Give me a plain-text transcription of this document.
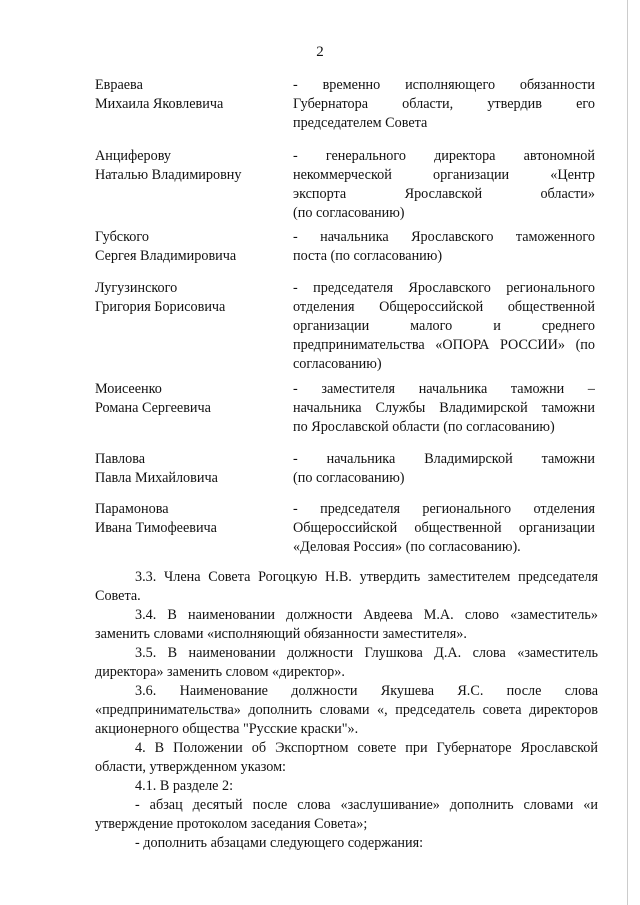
2
Евраева
Михаила Яковлевича
- временно исполняющего обязанности
Губернатора области, утвердив его
председателем Совета
Анциферову
Наталью Владимировну
- генерального директора автономной
некоммерческой организации «Центр
экспорта Ярославской области»
(по согласованию)
Губского
Сергея Владимировича
- начальника Ярославского таможенного
поста (по согласованию)
Лугузинского
Григория Борисовича
- председателя Ярославского регионального
отделения Общероссийской общественной
организации малого и среднего
предпринимательства «ОПОРА РОССИИ» (по
согласованию)
Моисеенко
Романа Сергеевича
- заместителя начальника таможни –
начальника Службы Владимирской таможни
по Ярославской области (по согласованию)
Павлова
Павла Михайловича
- начальника Владимирской таможни
(по согласованию)
Парамонова
Ивана Тимофеевича
- председателя регионального отделения
Общероссийской общественной организации
«Деловая Россия» (по согласованию).

3.3. Члена Совета Рогоцкую Н.В. утвердить заместителем председателя Совета.

3.4. В наименовании должности Авдеева М.А. слово «заместитель» заменить словами «исполняющий обязанности заместителя».

3.5. В наименовании должности Глушкова Д.А. слова «заместитель директора» заменить словом «директор».

3.6. Наименование должности Якушева Я.С. после слова «предпринимательства» дополнить словами «, председатель совета директоров акционерного общества "Русские краски"».

4. В Положении об Экспортном совете при Губернаторе Ярославской области, утвержденном указом:

4.1. В разделе 2:

- абзац десятый после слова «заслушивание» дополнить словами «и утверждение протоколом заседания Совета»;

- дополнить абзацами следующего содержания:
